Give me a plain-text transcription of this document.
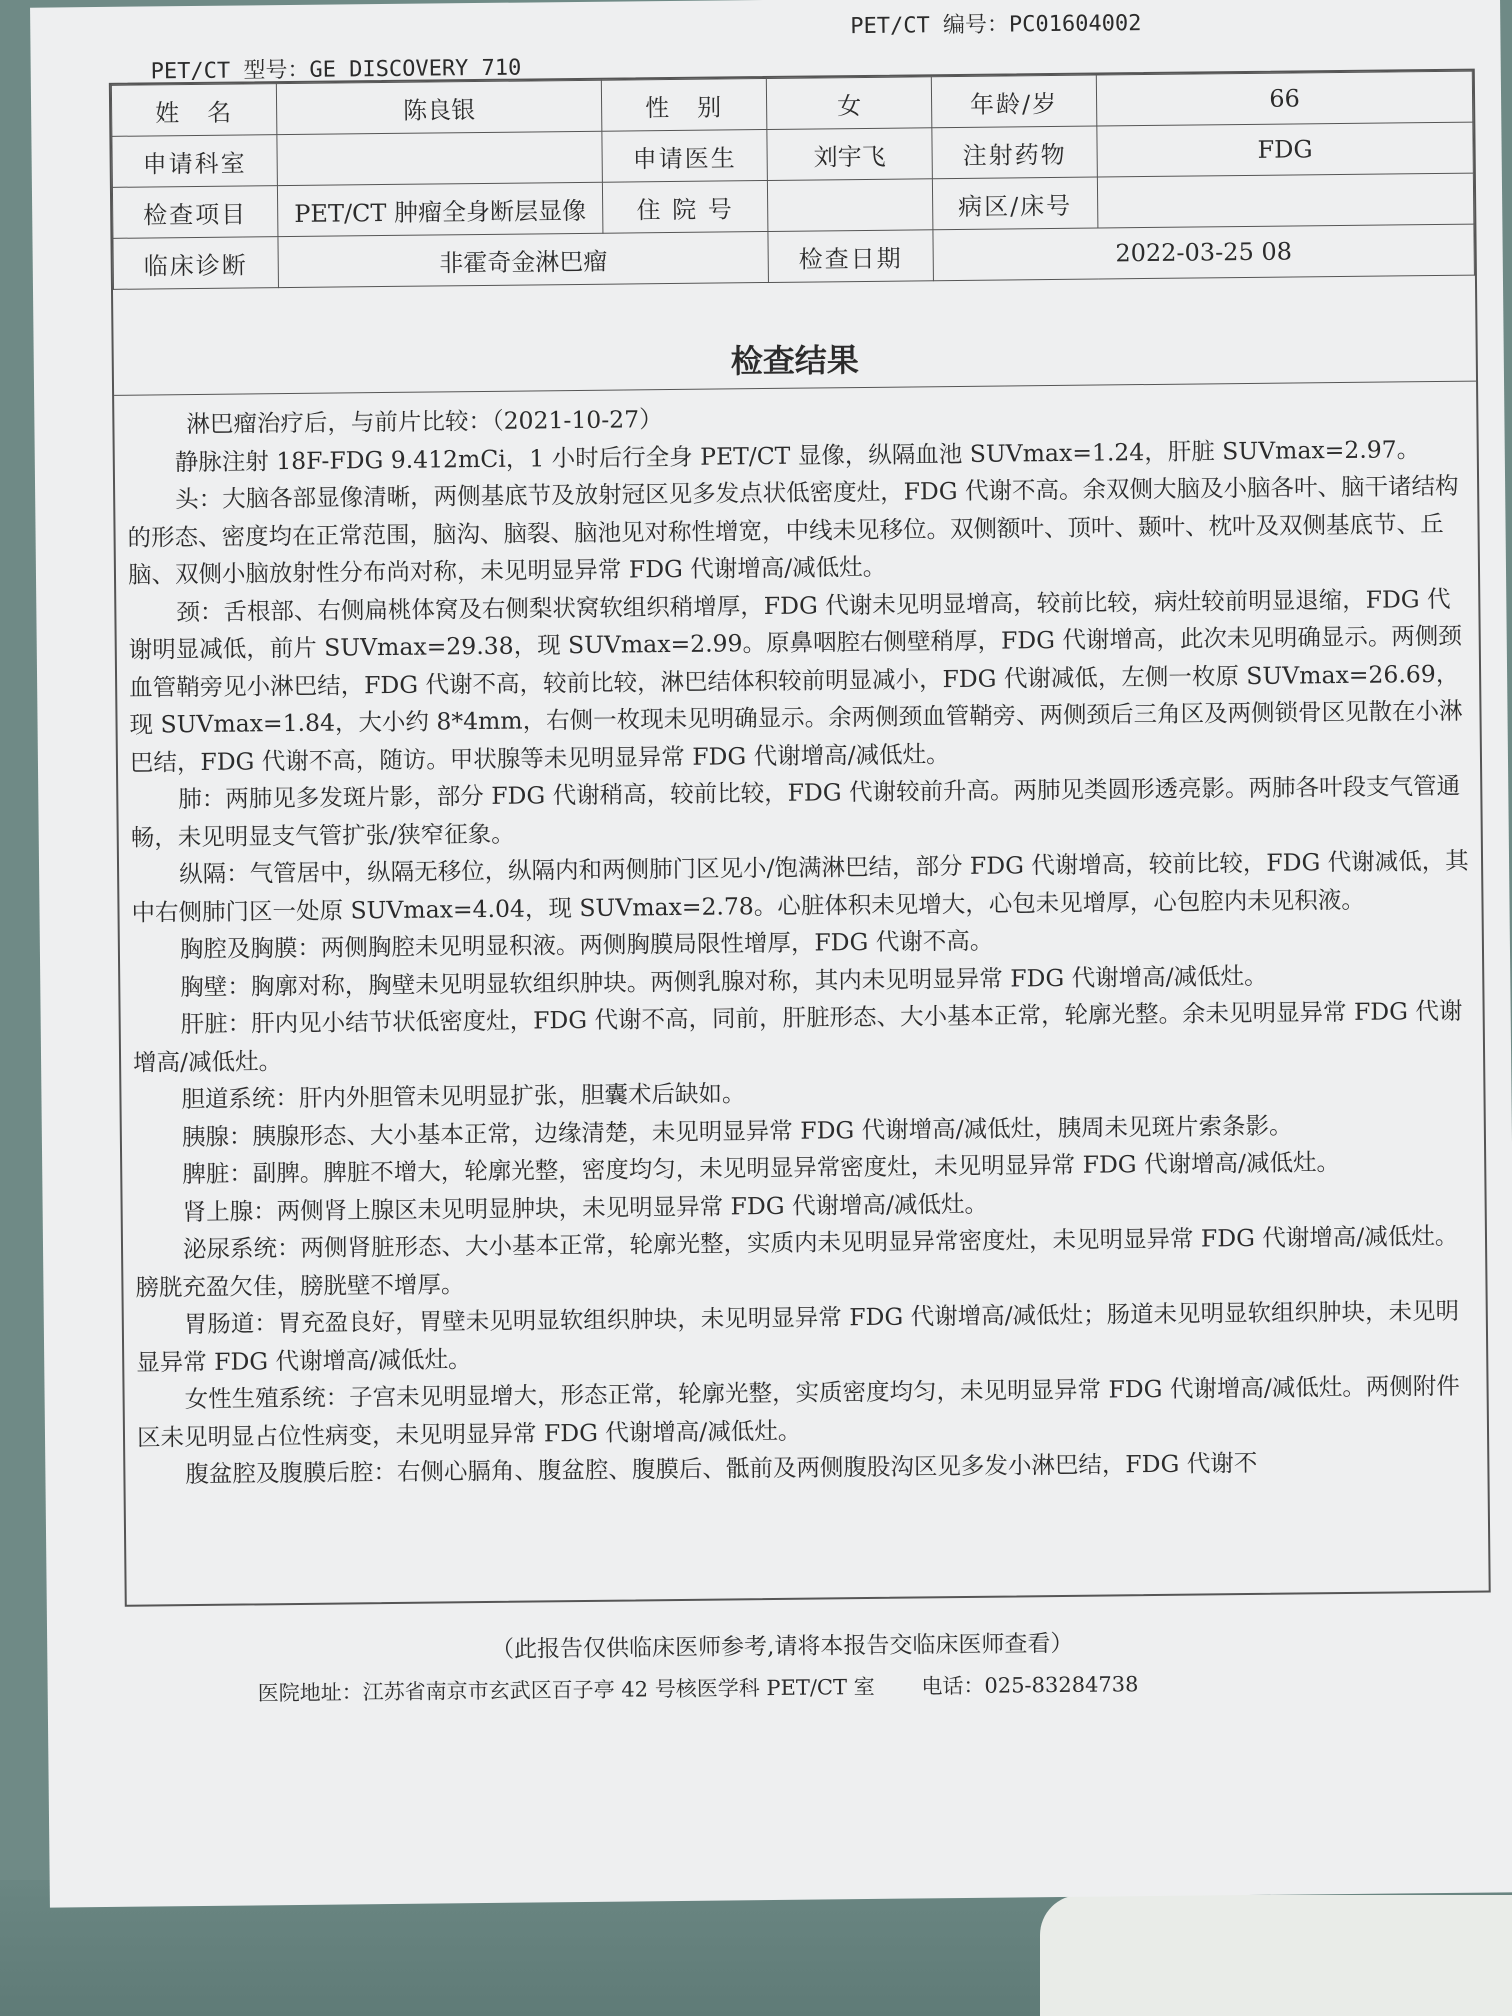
PET/CT 型号：GE DISCOVERY 710
PET/CT 编号：PC01604002
姓　名	陈良银	性　别	女	年龄/岁	66
申请科室		申请医生	刘宇飞	注射药物	FDG
检查项目	PET/CT 肿瘤全身断层显像	住 院 号		病区/床号	
临床诊断	非霍奇金淋巴瘤		检查日期	2022-03-25 08	
检查结果

淋巴瘤治疗后，与前片比较：（2021-10-27）

静脉注射 18F-FDG 9.412mCi，1 小时后行全身 PET/CT 显像，纵隔血池 SUVmax=1.24，肝脏 SUVmax=2.97。

头：大脑各部显像清晰，两侧基底节及放射冠区见多发点状低密度灶，FDG 代谢不高。余双侧大脑及小脑各叶、脑干诸结构的形态、密度均在正常范围，脑沟、脑裂、脑池见对称性增宽，中线未见移位。双侧额叶、顶叶、颞叶、枕叶及双侧基底节、丘脑、双侧小脑放射性分布尚对称，未见明显异常 FDG 代谢增高/减低灶。

颈：舌根部、右侧扁桃体窝及右侧梨状窝软组织稍增厚，FDG 代谢未见明显增高，较前比较，病灶较前明显退缩，FDG 代谢明显减低，前片 SUVmax=29.38，现 SUVmax=2.99。原鼻咽腔右侧壁稍厚，FDG 代谢增高，此次未见明确显示。两侧颈血管鞘旁见小淋巴结，FDG 代谢不高，较前比较，淋巴结体积较前明显减小，FDG 代谢减低，左侧一枚原 SUVmax=26.69，现 SUVmax=1.84，大小约 8*4mm，右侧一枚现未见明确显示。余两侧颈血管鞘旁、两侧颈后三角区及两侧锁骨区见散在小淋巴结，FDG 代谢不高，随访。甲状腺等未见明显异常 FDG 代谢增高/减低灶。

肺：两肺见多发斑片影，部分 FDG 代谢稍高，较前比较，FDG 代谢较前升高。两肺见类圆形透亮影。两肺各叶段支气管通畅，未见明显支气管扩张/狭窄征象。

纵隔：气管居中，纵隔无移位，纵隔内和两侧肺门区见小/饱满淋巴结，部分 FDG 代谢增高，较前比较，FDG 代谢减低，其中右侧肺门区一处原 SUVmax=4.04，现 SUVmax=2.78。心脏体积未见增大，心包未见增厚，心包腔内未见积液。

胸腔及胸膜：两侧胸腔未见明显积液。两侧胸膜局限性增厚，FDG 代谢不高。

胸壁：胸廓对称，胸壁未见明显软组织肿块。两侧乳腺对称，其内未见明显异常 FDG 代谢增高/减低灶。

肝脏：肝内见小结节状低密度灶，FDG 代谢不高，同前，肝脏形态、大小基本正常，轮廓光整。余未见明显异常 FDG 代谢增高/减低灶。

胆道系统：肝内外胆管未见明显扩张，胆囊术后缺如。

胰腺：胰腺形态、大小基本正常，边缘清楚，未见明显异常 FDG 代谢增高/减低灶，胰周未见斑片索条影。

脾脏：副脾。脾脏不增大，轮廓光整，密度均匀，未见明显异常密度灶，未见明显异常 FDG 代谢增高/减低灶。

肾上腺：两侧肾上腺区未见明显肿块，未见明显异常 FDG 代谢增高/减低灶。

泌尿系统：两侧肾脏形态、大小基本正常，轮廓光整，实质内未见明显异常密度灶，未见明显异常 FDG 代谢增高/减低灶。膀胱充盈欠佳，膀胱壁不增厚。

胃肠道：胃充盈良好，胃壁未见明显软组织肿块，未见明显异常 FDG 代谢增高/减低灶；肠道未见明显软组织肿块，未见明显异常 FDG 代谢增高/减低灶。

女性生殖系统：子宫未见明显增大，形态正常，轮廓光整，实质密度均匀，未见明显异常 FDG 代谢增高/减低灶。两侧附件区未见明显占位性病变，未见明显异常 FDG 代谢增高/减低灶。

腹盆腔及腹膜后腔：右侧心膈角、腹盆腔、腹膜后、骶前及两侧腹股沟区见多发小淋巴结，FDG 代谢不

（此报告仅供临床医师参考,请将本报告交临床医师查看）
医院地址：江苏省南京市玄武区百子亭 42 号核医学科 PET/CT 室 电话：025-83284738
